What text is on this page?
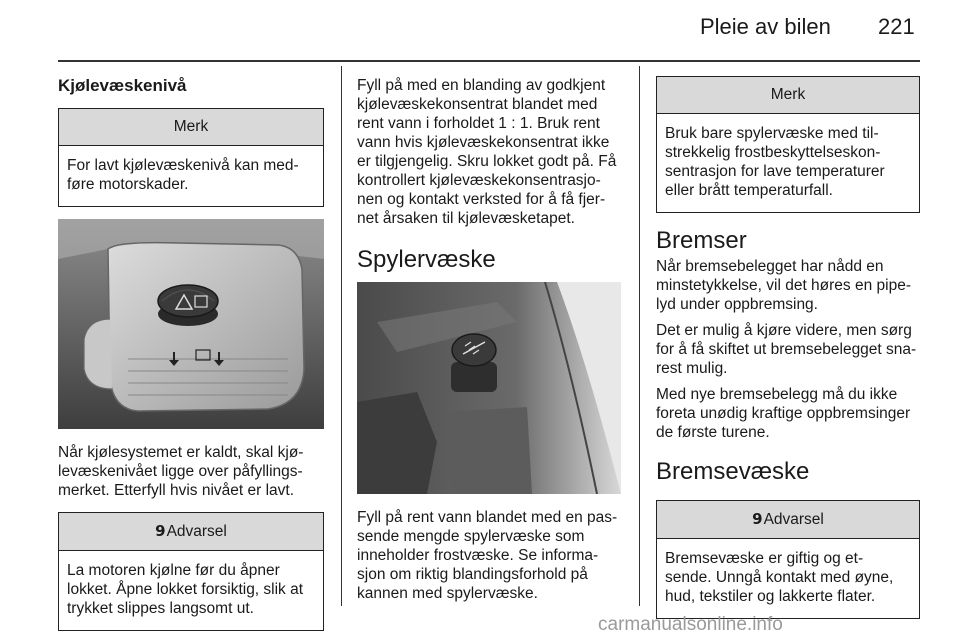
Pleie av bilen 221
Kjølevæskenivå
Merk
For lavt kjølevæskenivå kan med-
føre motorskader.
Når kjølesystemet er kaldt, skal kjø-
levæskenivået ligge over påfyllings-
merket. Etterfyll hvis nivået er lavt.
9Advarsel
La motoren kjølne før du åpner
lokket. Åpne lokket forsiktig, slik at
trykket slippes langsomt ut.
Fyll på med en blanding av godkjent
kjølevæskekonsentrat blandet med
rent vann i forholdet 1 : 1. Bruk rent
vann hvis kjølevæskekonsentrat ikke
er tilgjengelig. Skru lokket godt på. Få
kontrollert kjølevæskekonsentrasjo-
nen og kontakt verksted for å få fjer-
net årsaken til kjølevæsketapet.
Spylervæske
Fyll på rent vann blandet med en pas-
sende mengde spylervæske som
inneholder frostvæske. Se informa-
sjon om riktig blandingsforhold på
kannen med spylervæske.
Merk
Bruk bare spylervæske med til-
strekkelig frostbeskyttelseskon-
sentrasjon for lave temperaturer
eller brått temperaturfall.
Bremser
Når bremsebelegget har nådd en
minstetykkelse, vil det høres en pipe-
lyd under oppbremsing.
Det er mulig å kjøre videre, men sørg
for å få skiftet ut bremsebelegget sna-
rest mulig.
Med nye bremsebelegg må du ikke
foreta unødig kraftige oppbremsinger
de første turene.
Bremsevæske
9Advarsel
Bremsevæske er giftig og et-
sende. Unngå kontakt med øyne,
hud, tekstiler og lakkerte flater.
carmanualsonline.info
